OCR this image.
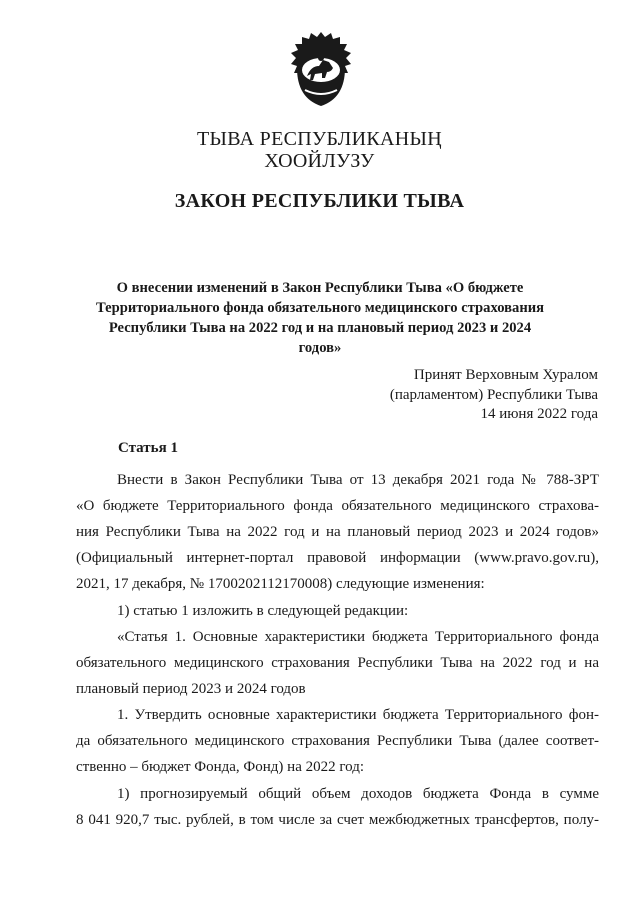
ТЫВА РЕСПУБЛИКАНЫҢ
ХООЙЛУЗУ
ЗАКОН РЕСПУБЛИКИ ТЫВА
О внесении изменений в Закон Республики Тыва «О бюджете
Территориального фонда обязательного медицинского страхования
Республики Тыва на 2022 год и на плановый период 2023 и 2024 годов»
Принят Верховным Хуралом
(парламентом) Республики Тыва
14 июня 2022 года
Статья 1
Внести в Закон Республики Тыва от 13 декабря 2021 года № 788-ЗРТ
«О бюджете Территориального фонда обязательного медицинского страхова-
ния Республики Тыва на 2022 год и на плановый период 2023 и 2024 годов»
(Официальный интернет-портал правовой информации (www.pravo.gov.ru),
2021, 17 декабря, № 1700202112170008) следующие изменения:
1) статью 1 изложить в следующей редакции:
«Статья 1. Основные характеристики бюджета Территориального фонда
обязательного медицинского страхования Республики Тыва на 2022 год и на
плановый период 2023 и 2024 годов
1. Утвердить основные характеристики бюджета Территориального фон-
да обязательного медицинского страхования Республики Тыва (далее соответ-
ственно – бюджет Фонда, Фонд) на 2022 год:
1) прогнозируемый общий объем доходов бюджета Фонда в сумме
8 041 920,7 тыс. рублей, в том числе за счет межбюджетных трансфертов, полу-
